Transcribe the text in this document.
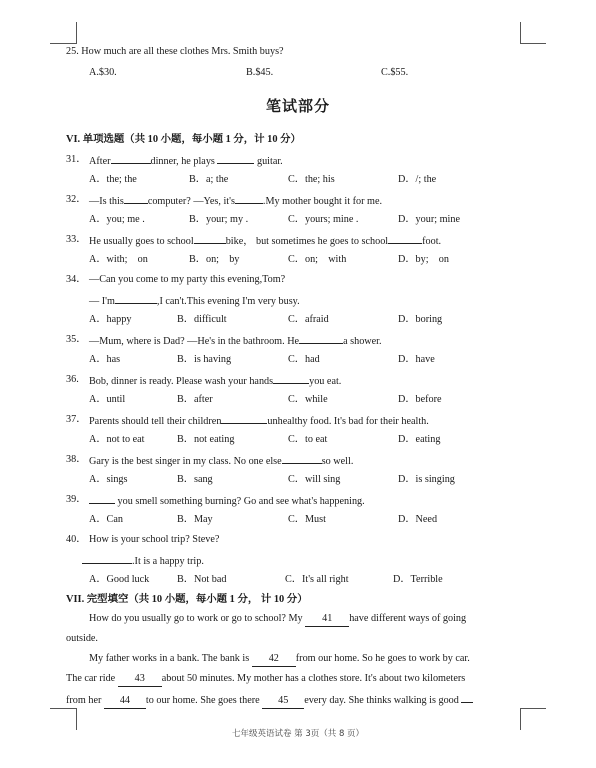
25. How much are all these clothes Mrs. Smith buys?
A.$30.	B.$45.	C.$55.
笔试部分
VI. 单项选题（共 10 小题，每小题 1 分，计 10 分）
31． After	dinner, he plays	guitar.
A．the; the	B．a; the	C．the; his	D．/; the
32． —Is this computer? —Yes, it's	.My mother bought it for me.
A．you; me .	B．your; my .	C．yours; mine .	D．your; mine
33． He usually goes to school	bike， but sometimes he goes to school	foot.
A．with;    on	B．on;    by	C．on;    with	D．by;    on
34． —Can you come to my party this evening,Tom?
— I'm	,I can't.This evening I'm very busy.
A．happy	B．difficult	C．afraid	D．boring
35． —Mum, where is Dad? —He's in the bathroom. He	a shower.
A．has	B．is having	C．had	D．have
36. Bob, dinner is ready. Please wash your hands	you eat.
A．until	B．after	C．while	D．before
37． Parents should tell their children	unhealthy food. It's bad for their health.
A．not to eat	B．not eating	C．to eat	D．eating
38． Gary is the best singer in my class. No one else	so well.
A．sings	B．sang	C．will sing	D．is singing
39．	you smell something burning? Go and see what's happening.
A．Can	B．May	C．Must	D．Need
40． How is your school trip? Steve?
.It is a happy trip.
A．Good luck	B．Not bad	C．It's all right	D．Terrible
VII. 完型填空（共 10 小题，每小题 1 分， 计 10 分）
How do you usually go to work or go to school? My 41 have different ways of going
outside.
My father works in a bank. The bank is 42 from our home. So he goes to work by car.
The car ride 43 about 50 minutes. My mother has a clothes store. It's about two kilometers
from her 44 to our home. She goes there 45 every day. She thinks walking is good
七年级英语试卷 第 3页（共 8 页）
